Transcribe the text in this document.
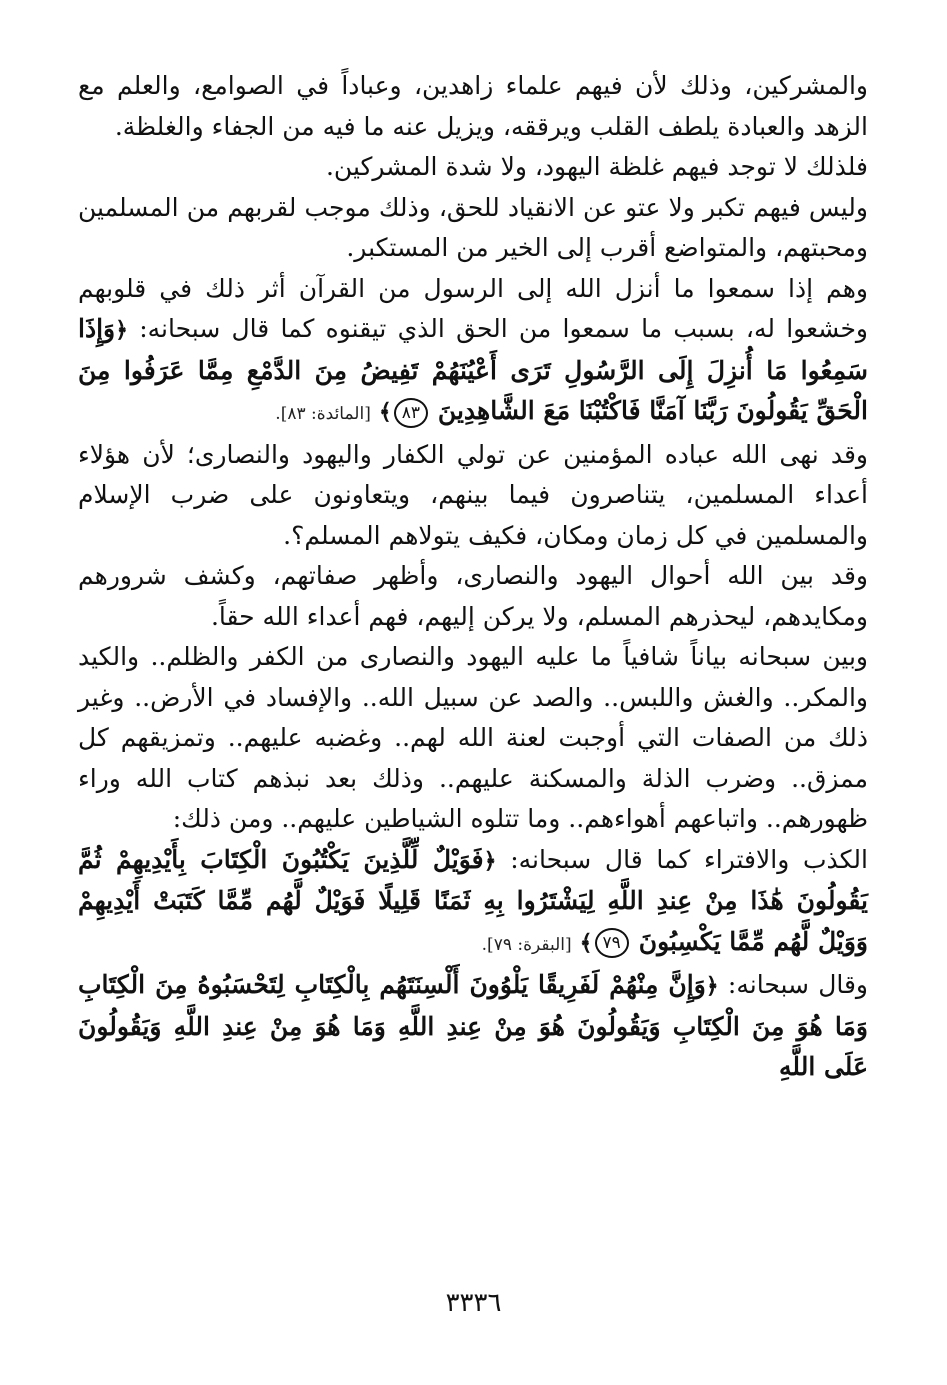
والمشركين، وذلك لأن فيهم علماء زاهدين، وعباداً في الصوامع، والعلم مع الزهد والعبادة يلطف القلب ويرققه، ويزيل عنه ما فيه من الجفاء والغلظة.

فلذلك لا توجد فيهم غلظة اليهود، ولا شدة المشركين.

وليس فيهم تكبر ولا عتو عن الانقياد للحق، وذلك موجب لقربهم من المسلمين ومحبتهم، والمتواضع أقرب إلى الخير من المستكبر.

وهم إذا سمعوا ما أنزل الله إلى الرسول من القرآن أثر ذلك في قلوبهم وخشعوا له، بسبب ما سمعوا من الحق الذي تيقنوه كما قال سبحانه: ﴿وَإِذَا سَمِعُوا مَا أُنزِلَ إِلَى الرَّسُولِ تَرَى أَعْيُنَهُمْ تَفِيضُ مِنَ الدَّمْعِ مِمَّا عَرَفُوا مِنَ الْحَقِّ يَقُولُونَ رَبَّنَا آمَنَّا فَاكْتُبْنَا مَعَ الشَّاهِدِينَ ٨٣﴾ [المائدة: ٨٣].

وقد نهى الله عباده المؤمنين عن تولي الكفار واليهود والنصارى؛ لأن هؤلاء أعداء المسلمين، يتناصرون فيما بينهم، ويتعاونون على ضرب الإسلام والمسلمين في كل زمان ومكان، فكيف يتولاهم المسلم؟.

وقد بين الله أحوال اليهود والنصارى، وأظهر صفاتهم، وكشف شرورهم ومكايدهم، ليحذرهم المسلم، ولا يركن إليهم، فهم أعداء الله حقاً.

وبين سبحانه بياناً شافياً ما عليه اليهود والنصارى من الكفر والظلم.. والكيد والمكر.. والغش واللبس.. والصد عن سبيل الله.. والإفساد في الأرض.. وغير ذلك من الصفات التي أوجبت لعنة الله لهم.. وغضبه عليهم.. وتمزيقهم كل ممزق.. وضرب الذلة والمسكنة عليهم.. وذلك بعد نبذهم كتاب الله وراء ظهورهم.. واتباعهم أهواءهم.. وما تتلوه الشياطين عليهم.. ومن ذلك:

الكذب والافتراء كما قال سبحانه: ﴿فَوَيْلٌ لِّلَّذِينَ يَكْتُبُونَ الْكِتَابَ بِأَيْدِيهِمْ ثُمَّ يَقُولُونَ هَٰذَا مِنْ عِندِ اللَّهِ لِيَشْتَرُوا بِهِ ثَمَنًا قَلِيلًا فَوَيْلٌ لَّهُم مِّمَّا كَتَبَتْ أَيْدِيهِمْ وَوَيْلٌ لَّهُم مِّمَّا يَكْسِبُونَ ٧٩﴾ [البقرة: ٧٩].

وقال سبحانه: ﴿وَإِنَّ مِنْهُمْ لَفَرِيقًا يَلْوُونَ أَلْسِنَتَهُم بِالْكِتَابِ لِتَحْسَبُوهُ مِنَ الْكِتَابِ وَمَا هُوَ مِنَ الْكِتَابِ وَيَقُولُونَ هُوَ مِنْ عِندِ اللَّهِ وَمَا هُوَ مِنْ عِندِ اللَّهِ وَيَقُولُونَ عَلَى اللَّهِ

٣٣٣٦
